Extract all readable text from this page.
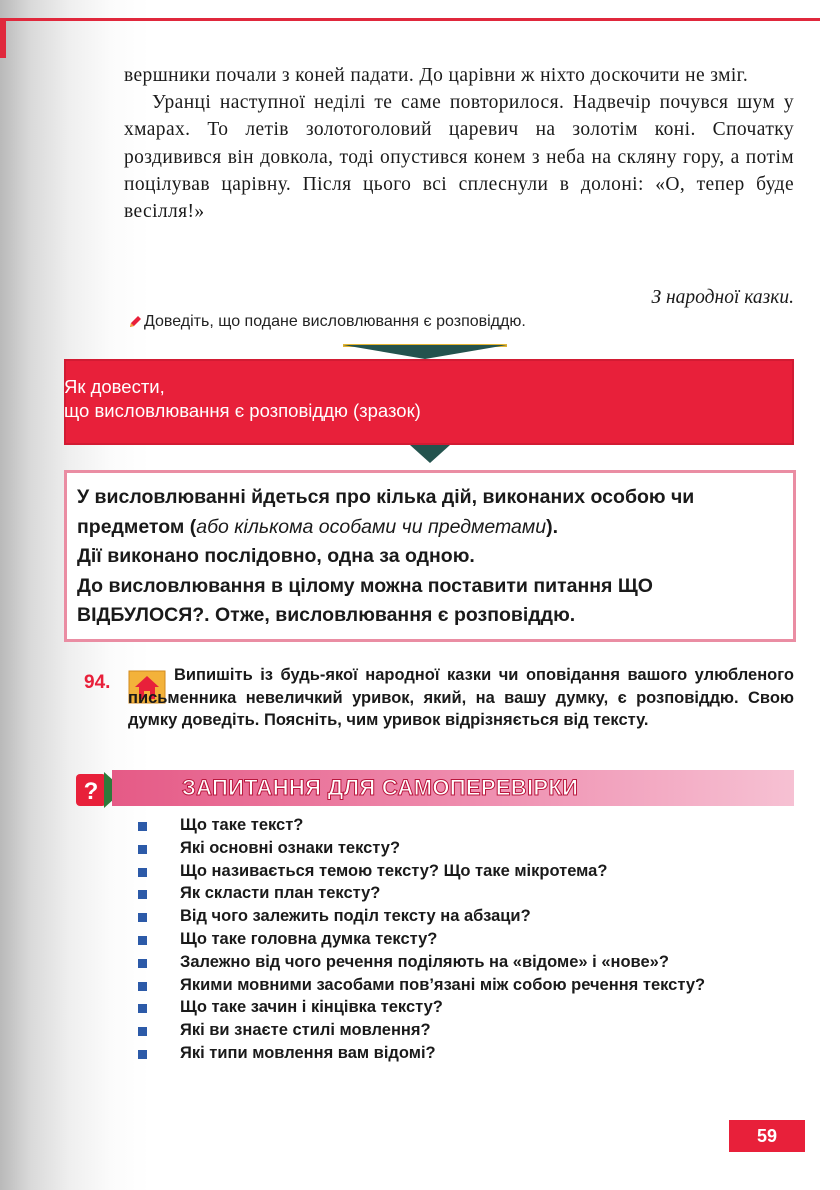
вершники почали з коней падати. До царівни ж ніхто доскочити не зміг.

Уранці наступної неділі те саме повторилося. Надвечір почувся шум у хмарах. То летів золотоголовий царевич на золотім коні. Спочатку роздивився він довкола, тоді опустився конем з неба на скляну гору, а потім поцілував царівну. Після цього всі сплеснули в долоні: «О, тепер буде весілля!»

З народної казки.
Доведіть, що подане висловлювання є розповіддю.
Як довести,
що висловлювання є розповіддю (зразок)
У висловлюванні йдеться про кілька дій, виконаних особою чи предметом (або кількома особами чи предметами).
Дії виконано послідовно, одна за одною.
До висловлювання в цілому можна поставити питання ЩО ВІДБУЛОСЯ?. Отже, висловлювання є розповіддю.
94.	Випишіть із будь-якої народної казки чи оповідання вашого улюбленого письменника невеличкий уривок, який, на вашу думку, є розповіддю. Свою думку доведіть. Поясніть, чим уривок відрізняється від тексту.
?	ЗАПИТАННЯ ДЛЯ САМОПЕРЕВІРКИ
Що таке текст?
Які основні ознаки тексту?
Що називається темою тексту? Що таке мікротема?
Як скласти план тексту?
Від чого залежить поділ тексту на абзаци?
Що таке головна думка тексту?
Залежно від чого речення поділяють на «відоме» і «нове»?
Якими мовними засобами пов’язані між собою речення тексту?
Що таке зачин і кінцівка тексту?
Які ви знаєте стилі мовлення?
Які типи мовлення вам відомі?
59
